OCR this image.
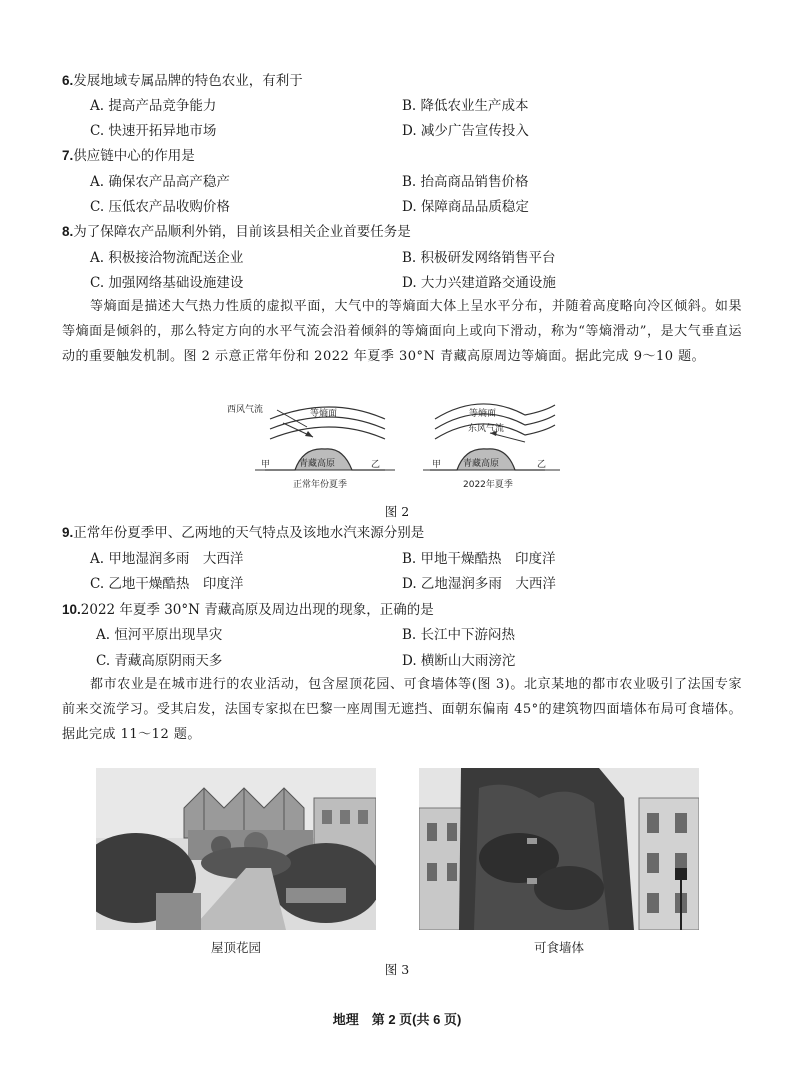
6.发展地域专属品牌的特色农业，有利于
A. 提高产品竞争能力	B. 降低农业生产成本
C. 快速开拓异地市场	D. 减少广告宣传投入
7.供应链中心的作用是
A. 确保农产品高产稳产	B. 抬高商品销售价格
C. 压低农产品收购价格	D. 保障商品品质稳定
8.为了保障农产品顺利外销，目前该县相关企业首要任务是
A. 积极接洽物流配送企业	B. 积极研发网络销售平台
C. 加强网络基础设施建设	D. 大力兴建道路交通设施
等熵面是描述大气热力性质的虚拟平面，大气中的等熵面大体上呈水平分布，并随着高度略向冷区倾斜。如果等熵面是倾斜的，那么特定方向的水平气流会沿着倾斜的等熵面向上或向下滑动，称为“等熵滑动”，是大气垂直运动的重要触发机制。图 2 示意正常年份和 2022 年夏季 30°N 青藏高原周边等熵面。据此完成 9～10 题。
西风气流	等熵面
青藏高原
甲	乙
正常年份夏季
等熵面
东风气流
青藏高原
甲	乙
2022年夏季
图 2
9.正常年份夏季甲、乙两地的天气特点及该地水汽来源分别是
A. 甲地湿润多雨　大西洋	B. 甲地干燥酷热　印度洋
C. 乙地干燥酷热　印度洋	D. 乙地湿润多雨　大西洋
10.2022 年夏季 30°N 青藏高原及周边出现的现象，正确的是
A. 恒河平原出现旱灾	B. 长江中下游闷热
C. 青藏高原阴雨天多	D. 横断山大雨滂沱
都市农业是在城市进行的农业活动，包含屋顶花园、可食墙体等(图 3)。北京某地的都市农业吸引了法国专家前来交流学习。受其启发，法国专家拟在巴黎一座周围无遮挡、面朝东偏南 45°的建筑物四面墙体布局可食墙体。据此完成 11～12 题。
屋顶花园	可食墙体
图 3
地理　第 2 页(共 6 页)
